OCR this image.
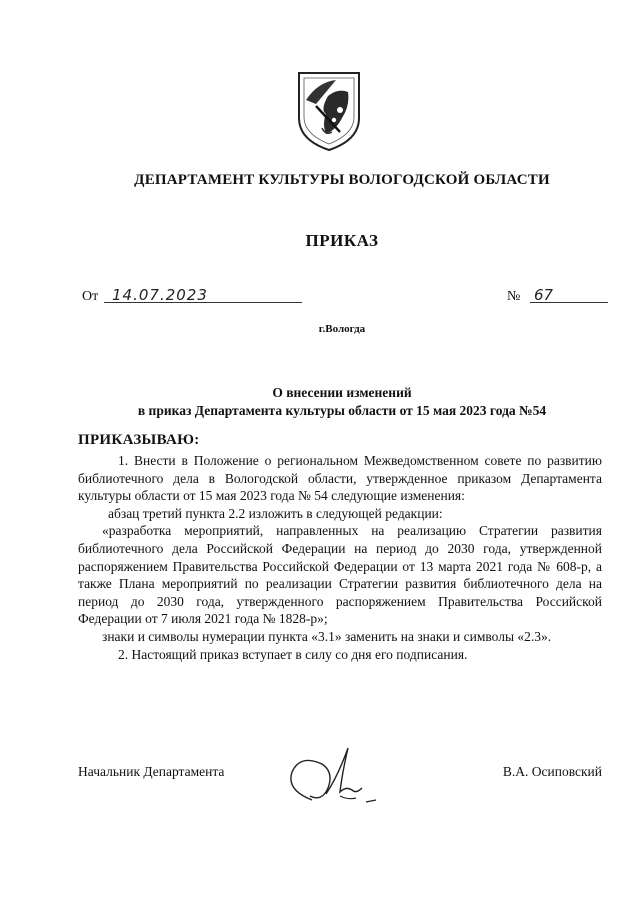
ДЕПАРТАМЕНТ КУЛЬТУРЫ ВОЛОГОДСКОЙ ОБЛАСТИ
ПРИКАЗ
От 14.07.2023	№ 67
г.Вологда
О внесении изменений
в приказ Департамента культуры области от 15 мая 2023 года №54
ПРИКАЗЫВАЮ:

1. Внести в Положение о региональном Межведомственном совете по развитию библиотечного дела в Вологодской области, утвержденное приказом Департамента культуры области от 15 мая 2023 года № 54 следующие изменения:

абзац третий пункта 2.2 изложить в следующей редакции:

«разработка мероприятий, направленных на реализацию Стратегии развития библиотечного дела Российской Федерации на период до 2030 года, утвержденной распоряжением Правительства Российской Федерации от 13 марта 2021 года № 608-р, а также Плана мероприятий по реализации Стратегии развития библиотечного дела на период до 2030 года, утвержденного распоряжением Правительства Российской Федерации от 7 июля 2021 года № 1828-р»;

знаки и символы нумерации пункта «3.1» заменить на знаки и символы «2.3».

2. Настоящий приказ вступает в силу со дня его подписания.

Начальник Департамента	В.А. Осиповский
